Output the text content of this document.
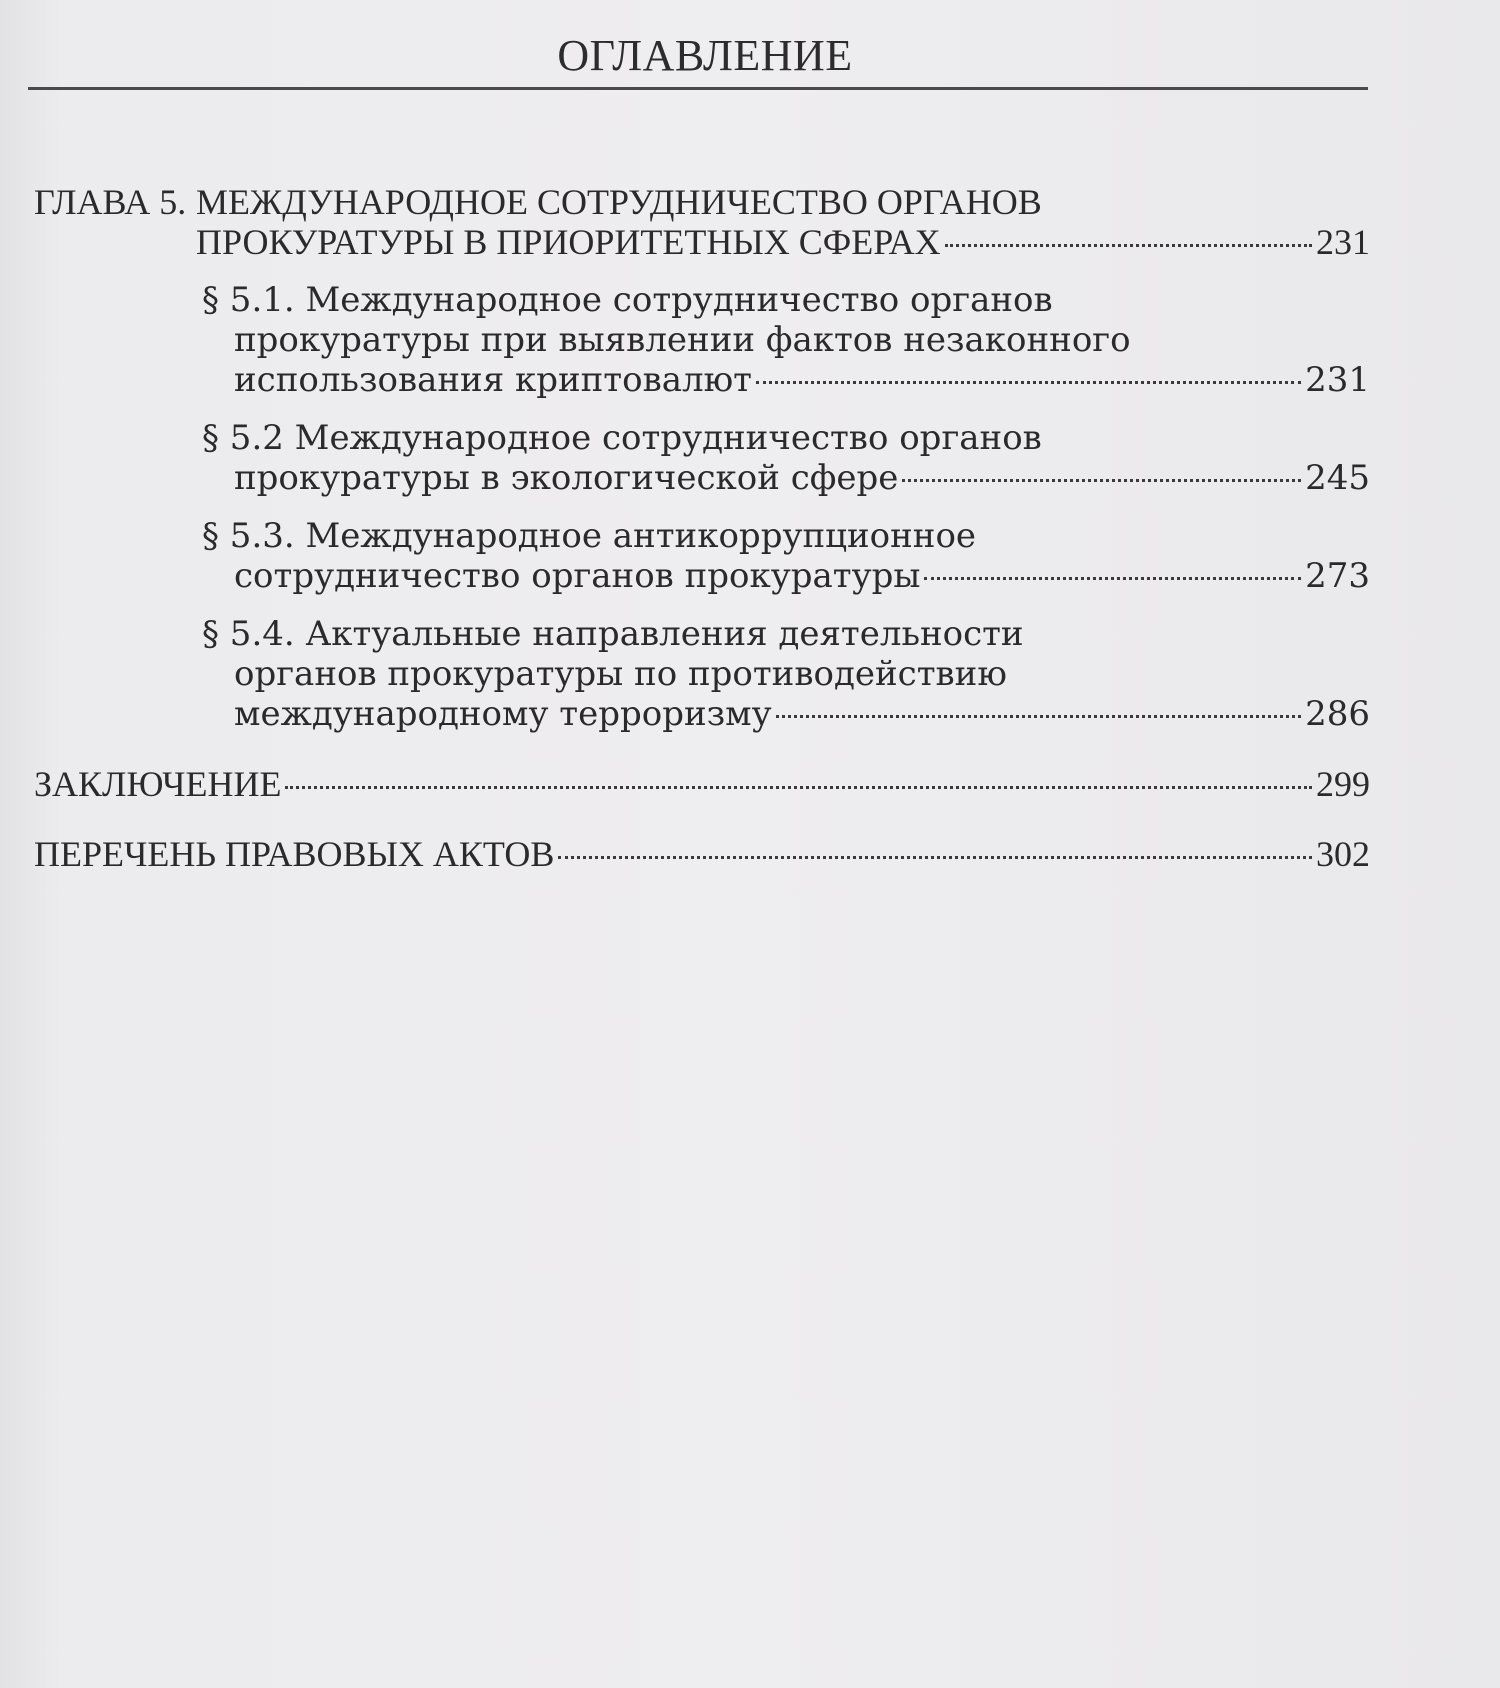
ОГЛАВЛЕНИЕ
ГЛАВА 5. МЕЖДУНАРОДНОЕ СОТРУДНИЧЕСТВО ОРГАНОВ
ПРОКУРАТУРЫ В ПРИОРИТЕТНЫХ СФЕРАХ	231
§ 5.1. Международное сотрудничество органов
прокуратуры при выявлении фактов незаконного
использования криптовалют	231
§ 5.2 Международное сотрудничество органов
прокуратуры в экологической сфере	245
§ 5.3. Международное антикоррупционное
сотрудничество органов прокуратуры	273
§ 5.4. Актуальные направления деятельности
органов прокуратуры по противодействию
международному терроризму	286
ЗАКЛЮЧЕНИЕ	299
ПЕРЕЧЕНЬ ПРАВОВЫХ АКТОВ	302
